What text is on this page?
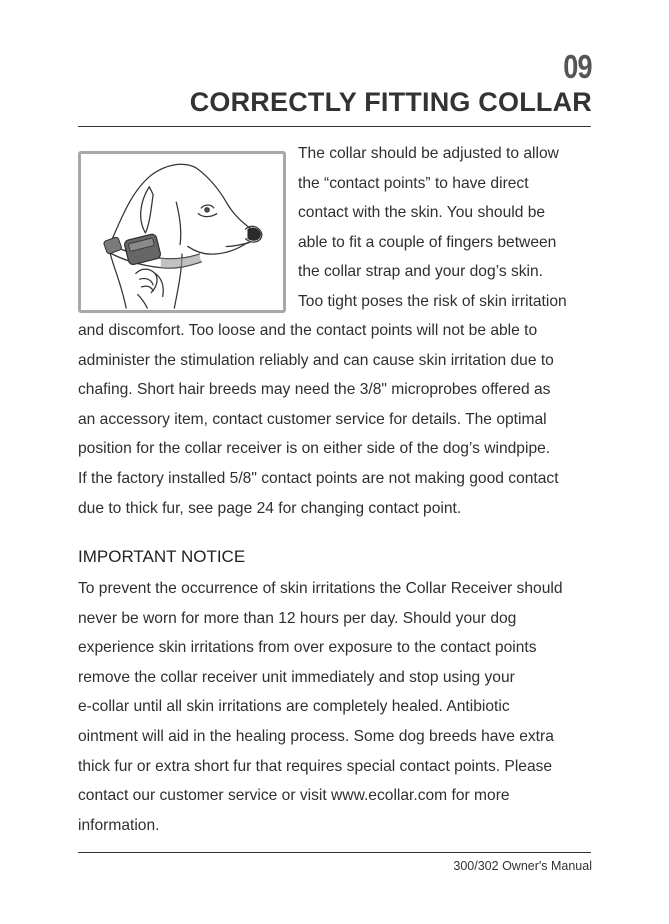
09
CORRECTLY FITTING COLLAR

The collar should be adjusted to allow
the “contact points” to have direct
contact with the skin. You should be
able to fit a couple of fingers between
the collar strap and your dog’s skin.
Too tight poses the risk of skin irritation

and discomfort. Too loose and the contact points will not be able to
administer the stimulation reliably and can cause skin irritation due to
chafing. Short hair breeds may need the 3/8" microprobes offered as
an accessory item, contact customer service for details. The optimal
position for the collar receiver is on either side of the dog’s windpipe.
If the factory installed 5/8" contact points are not making good contact
due to thick fur, see page 24 for changing contact point.

IMPORTANT NOTICE

To prevent the occurrence of skin irritations the Collar Receiver should
never be worn for more than 12 hours per day. Should your dog
experience skin irritations from over exposure to the contact points
remove the collar receiver unit immediately and stop using your
e-collar until all skin irritations are completely healed. Antibiotic
ointment will aid in the healing process. Some dog breeds have extra
thick fur or extra short fur that requires special contact points. Please
contact our customer service or visit www.ecollar.com for more
information.

300/302 Owner's Manual
